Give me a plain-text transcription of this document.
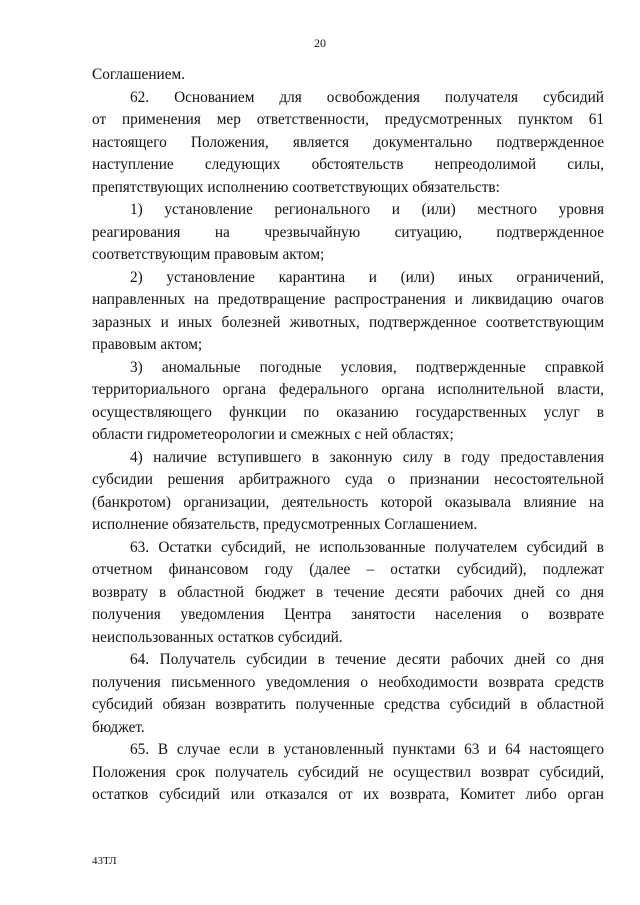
20
Соглашением.
62. Основанием для освобождения получателя субсидий
от применения мер ответственности, предусмотренных пунктом 61
настоящего Положения, является документально подтвержденное
наступление следующих обстоятельств непреодолимой силы,
препятствующих исполнению соответствующих обязательств:
1) установление регионального и (или) местного уровня
реагирования на чрезвычайную ситуацию, подтвержденное
соответствующим правовым актом;
2) установление карантина и (или) иных ограничений,
направленных на предотвращение распространения и ликвидацию очагов
заразных и иных болезней животных, подтвержденное соответствующим
правовым актом;
3) аномальные погодные условия, подтвержденные справкой
территориального органа федерального органа исполнительной власти,
осуществляющего функции по оказанию государственных услуг в
области гидрометеорологии и смежных с ней областях;
4) наличие вступившего в законную силу в году предоставления
субсидии решения арбитражного суда о признании несостоятельной
(банкротом) организации, деятельность которой оказывала влияние на
исполнение обязательств, предусмотренных Соглашением.
63. Остатки субсидий, не использованные получателем субсидий в
отчетном финансовом году (далее – остатки субсидий), подлежат
возврату в областной бюджет в течение десяти рабочих дней со дня
получения уведомления Центра занятости населения о возврате
неиспользованных остатков субсидий.
64. Получатель субсидии в течение десяти рабочих дней со дня
получения письменного уведомления о необходимости возврата средств
субсидий обязан возвратить полученные средства субсидий в областной
бюджет.
65. В случае если в установленный пунктами 63 и 64 настоящего
Положения срок получатель субсидий не осуществил возврат субсидий,
остатков субсидий или отказался от их возврата, Комитет либо орган
43ТЛ
